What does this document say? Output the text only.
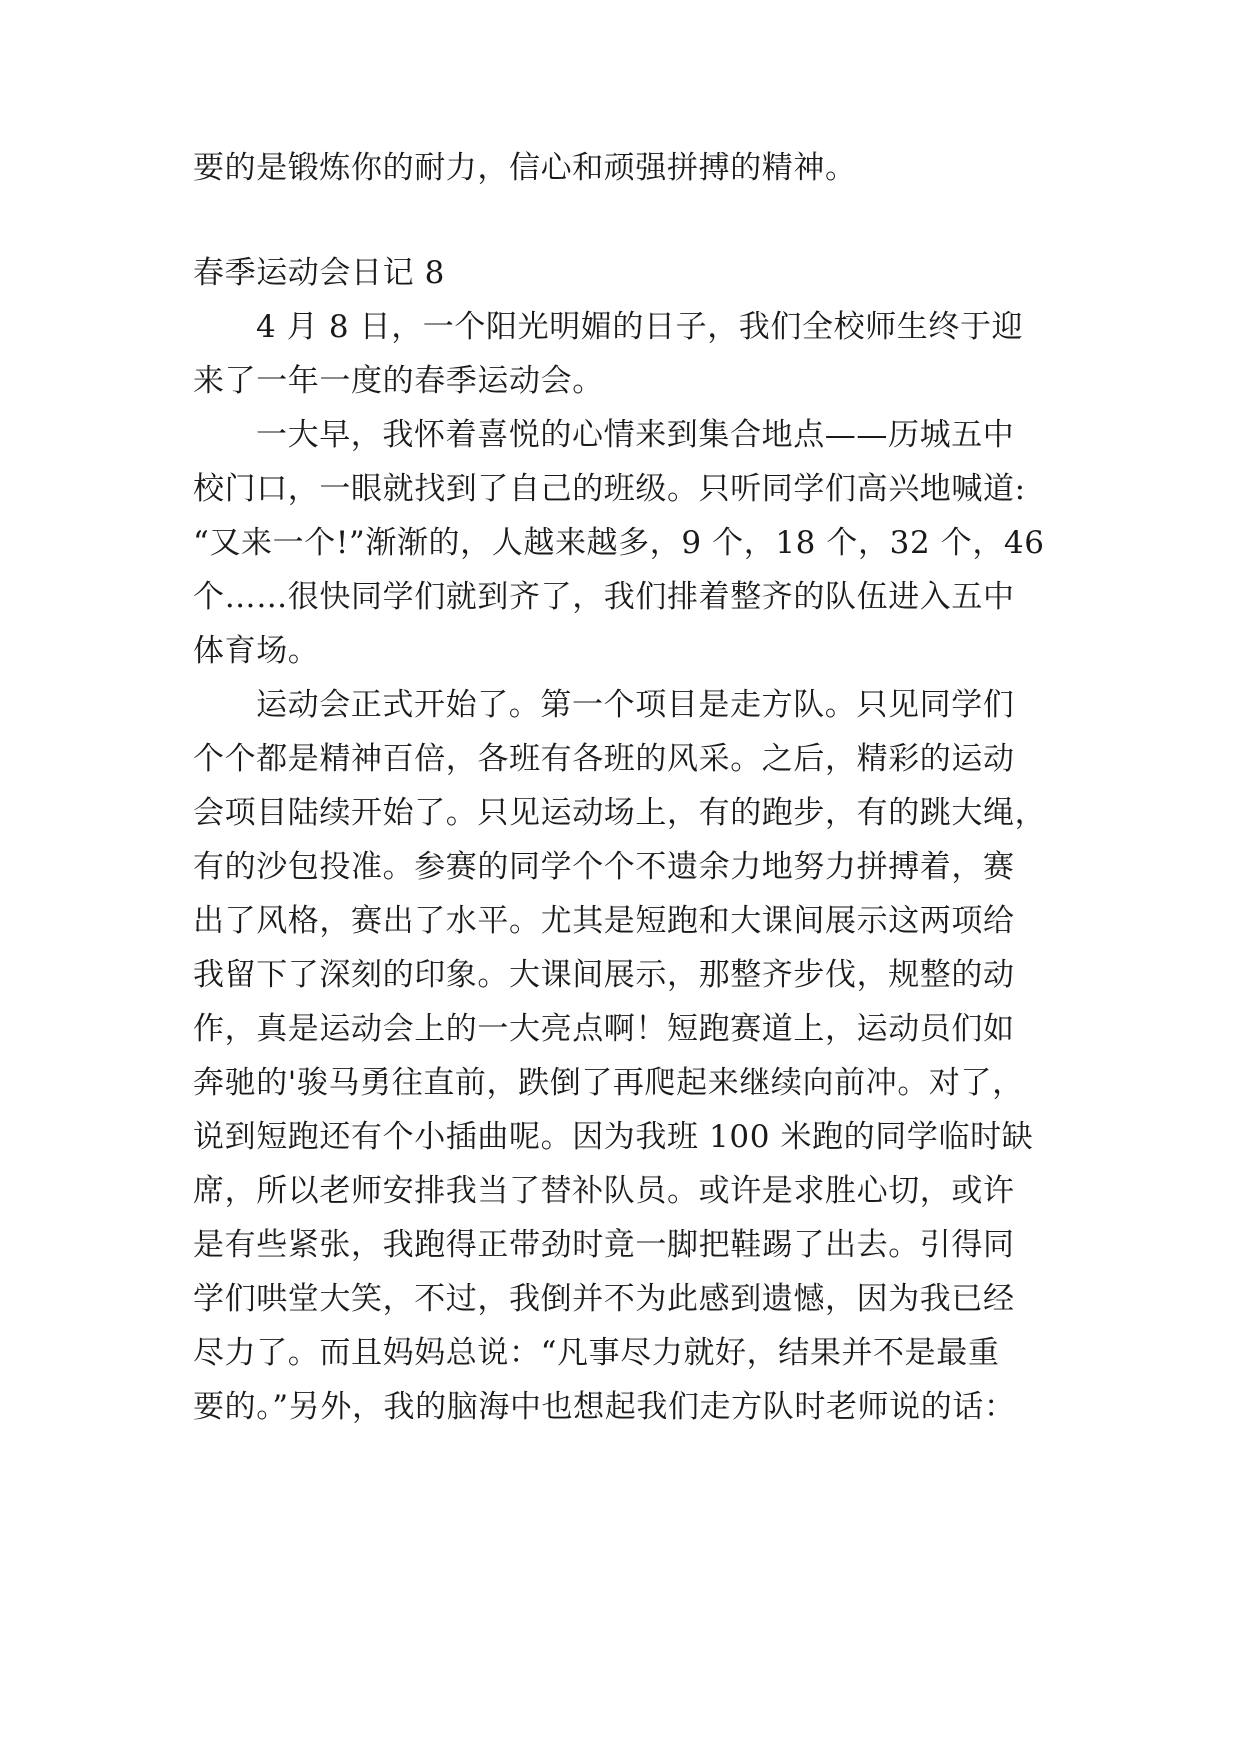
要的是锻炼你的耐力，信心和顽强拼搏的精神。
春季运动会日记 8
4 月 8 日，一个阳光明媚的日子，我们全校师生终于迎
来了一年一度的春季运动会。
一大早，我怀着喜悦的心情来到集合地点——历城五中
校门口，一眼就找到了自己的班级。只听同学们高兴地喊道:
“又来一个!”渐渐的，人越来越多，9 个，18 个，32 个，46
个……很快同学们就到齐了，我们排着整齐的队伍进入五中
体育场。
运动会正式开始了。第一个项目是走方队。只见同学们
个个都是精神百倍，各班有各班的风采。之后，精彩的运动
会项目陆续开始了。只见运动场上，有的跑步，有的跳大绳，
有的沙包投准。参赛的同学个个不遗余力地努力拼搏着，赛
出了风格，赛出了水平。尤其是短跑和大课间展示这两项给
我留下了深刻的印象。大课间展示，那整齐步伐，规整的动
作，真是运动会上的一大亮点啊！短跑赛道上，运动员们如
奔驰的'骏马勇往直前，跌倒了再爬起来继续向前冲。对了，
说到短跑还有个小插曲呢。因为我班 100 米跑的同学临时缺
席，所以老师安排我当了替补队员。或许是求胜心切，或许
是有些紧张，我跑得正带劲时竟一脚把鞋踢了出去。引得同
学们哄堂大笑，不过，我倒并不为此感到遗憾，因为我已经
尽力了。而且妈妈总说：“凡事尽力就好，结果并不是最重
要的。”另外，我的脑海中也想起我们走方队时老师说的话：
